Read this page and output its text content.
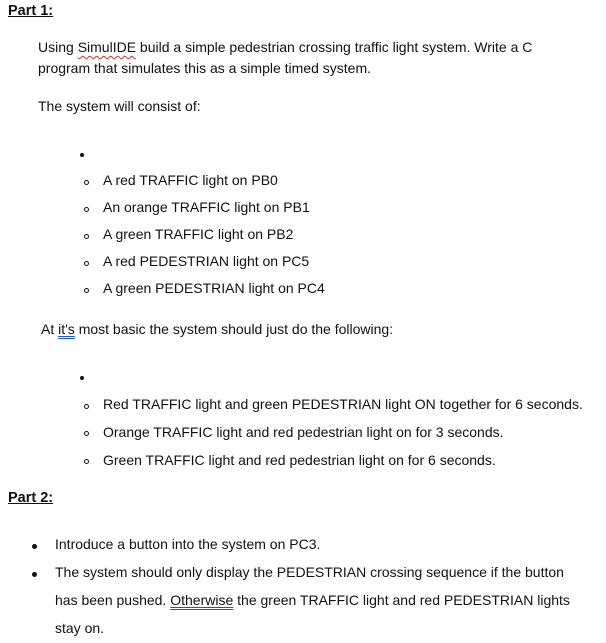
Part 1:
Using SimulIDE build a simple pedestrian crossing traffic light system. Write a C
program that simulates this as a simple timed system.
The system will consist of:
A red TRAFFIC light on PB0
An orange TRAFFIC light on PB1
A green TRAFFIC light on PB2
A red PEDESTRIAN light on PC5
A green PEDESTRIAN light on PC4
At it's most basic the system should just do the following:
Red TRAFFIC light and green PEDESTRIAN light ON together for 6 seconds.
Orange TRAFFIC light and red pedestrian light on for 3 seconds.
Green TRAFFIC light and red pedestrian light on for 6 seconds.
Part 2:
Introduce a button into the system on PC3.
The system should only display the PEDESTRIAN crossing sequence if the button
has been pushed. Otherwise the green TRAFFIC light and red PEDESTRIAN lights
stay on.
